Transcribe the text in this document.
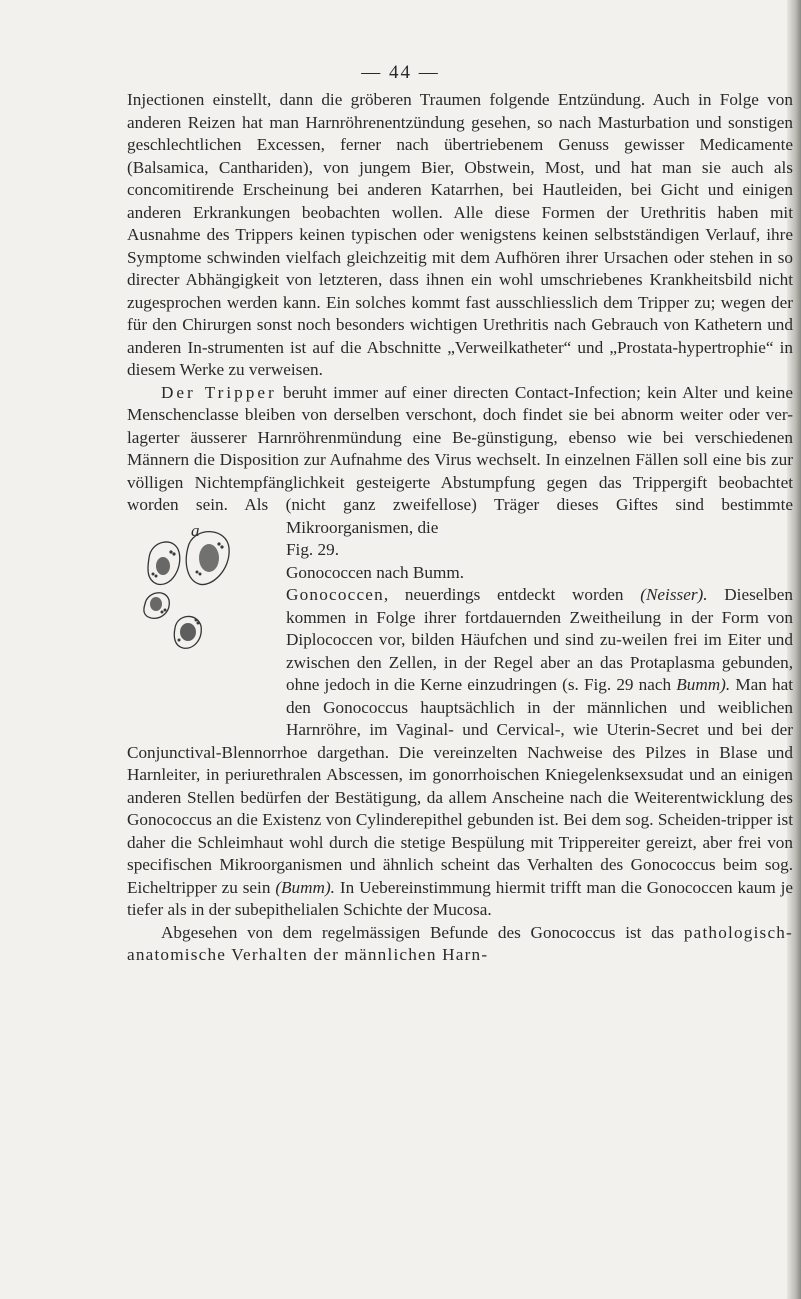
— 44 —

Injectionen einstellt, dann die gröberen Traumen folgende Entzündung. Auch in Folge von anderen Reizen hat man Harnröhrenentzündung gesehen, so nach Masturbation und sonstigen geschlechtlichen Excessen, ferner nach übertriebenem Genuss gewisser Medicamente (Balsamica, Canthariden), von jungem Bier, Obstwein, Most, und hat man sie auch als concomitirende Erscheinung bei anderen Katarrhen, bei Hautleiden, bei Gicht und einigen anderen Erkrankungen beobachten wollen. Alle diese Formen der Urethritis haben mit Ausnahme des Trippers keinen typischen oder wenigstens keinen selbstständigen Verlauf, ihre Symptome schwinden vielfach gleichzeitig mit dem Aufhören ihrer Ursachen oder stehen in so directer Abhängigkeit von letzteren, dass ihnen ein wohl umschriebenes Krankheitsbild nicht zugesprochen werden kann. Ein solches kommt fast ausschliesslich dem Tripper zu; wegen der für den Chirurgen sonst noch besonders wichtigen Urethritis nach Gebrauch von Kathetern und anderen In-strumenten ist auf die Abschnitte „Verweilkatheter“ und „Prostata-hypertrophie“ in diesem Werke zu verweisen.

Der Tripper beruht immer auf einer directen Contact-Infection; kein Alter und keine Menschenclasse bleiben von derselben verschont, doch findet sie bei abnorm weiter oder ver-lagerter äusserer Harnröhrenmündung eine Be-günstigung, ebenso wie bei verschiedenen Männern die Disposition zur Aufnahme des Virus wechselt. In einzelnen Fällen soll eine bis zur völligen Nichtempfänglichkeit gesteigerte Abstumpfung gegen das Trippergift beobachtet worden sein. Als (nicht ganz zweifellose) Träger dieses Giftes sind bestimmte Mikroorganismen, die
a

Fig. 29.
Gonococcen nach Bumm.
Gonococcen, neuerdings entdeckt worden (Neisser). Dieselben kommen in Folge ihrer fortdauernden Zweitheilung in der Form von Diplococcen vor, bilden Häufchen und sind zu-weilen frei im Eiter und zwischen den Zellen, in der Regel aber an das Protaplasma gebunden, ohne jedoch in die Kerne einzudringen (s. Fig. 29 nach Bumm). Man hat den Gonococcus hauptsächlich in der männlichen und weiblichen Harnröhre, im Vaginal- und Cervical-, wie Uterin-Secret und bei der Conjunctival-Blennorrhoe dargethan. Die vereinzelten Nachweise des Pilzes in Blase und Harnleiter, in periurethralen Abscessen, im gonorrhoischen Kniegelenksexsudat und an einigen anderen Stellen bedürfen der Bestätigung, da allem Anscheine nach die Weiterentwicklung des Gonococcus an die Existenz von Cylinderepithel gebunden ist. Bei dem sog. Scheiden-tripper ist daher die Schleimhaut wohl durch die stetige Bespülung mit Trippereiter gereizt, aber frei von specifischen Mikroorganismen und ähnlich scheint das Verhalten des Gonococcus beim sog. Eicheltripper zu sein (Bumm). In Uebereinstimmung hiermit trifft man die Gonococcen kaum je tiefer als in der subepithelialen Schichte der Mucosa.

Abgesehen von dem regelmässigen Befunde des Gonococcus ist das pathologisch-anatomische Verhalten der männlichen Harn-
